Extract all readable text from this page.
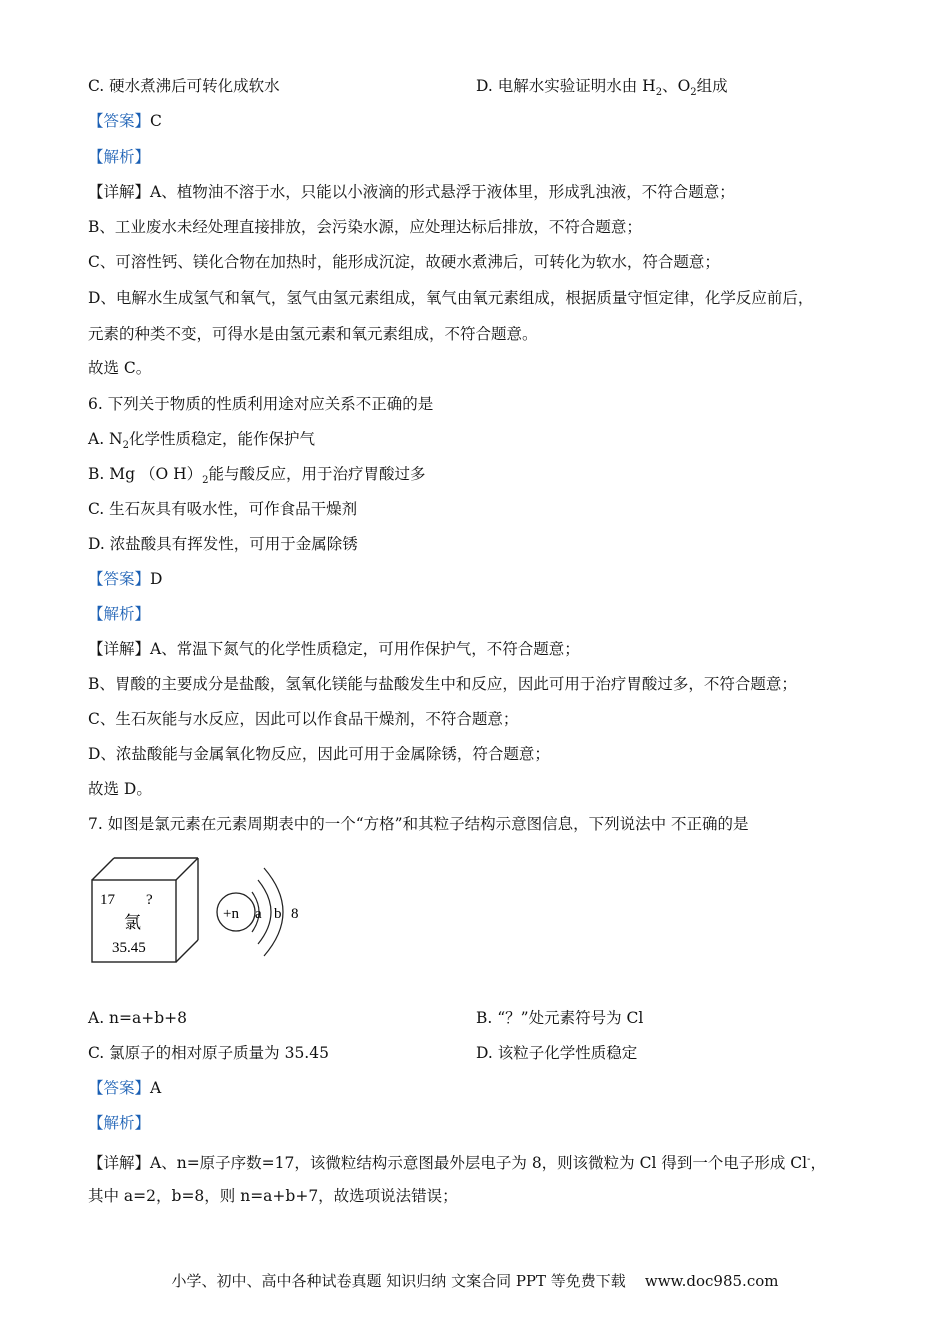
C. 硬水煮沸后可转化成软水	D. 电解水实验证明水由 $H_2$、$O_2$组成
【答案】C
【解析】
【详解】A、植物油不溶于水，只能以小液滴的形式悬浮于液体里，形成乳浊液，不符合题意；
B、工业废水未经处理直接排放，会污染水源，应处理达标后排放，不符合题意；
C、可溶性钙、镁化合物在加热时，能形成沉淀，故硬水煮沸后，可转化为软水，符合题意；
D、电解水生成氢气和氧气，氢气由氢元素组成，氧气由氧元素组成，根据质量守恒定律，化学反应前后，
元素的种类不变，可得水是由氢元素和氧元素组成，不符合题意。
故选 C。
6. 下列关于物质的性质利用途对应关系不正确的是
A. $N_2$化学性质稳定，能作保护气
B. Mg （O $H)_2$能与酸反应，用于治疗胃酸过多
C. 生石灰具有吸水性，可作食品干燥剂
D. 浓盐酸具有挥发性，可用于金属除锈
【答案】D
【解析】
【详解】A、常温下氮气的化学性质稳定，可用作保护气，不符合题意；
B、胃酸的主要成分是盐酸，氢氧化镁能与盐酸发生中和反应，因此可用于治疗胃酸过多，不符合题意；
C、生石灰能与水反应，因此可以作食品干燥剂，不符合题意；
D、浓盐酸能与金属氧化物反应，因此可用于金属除锈，符合题意；
故选 D。
7. 如图是氯元素在元素周期表中的一个“方格”和其粒子结构示意图信息，下列说法中 不正确的是
17 ?
氯
35.45
+n a b 8
A. n=a+b+8	B. “？”处元素符号为 Cl
C. 氯原子的相对原子质量为 35.45	D. 该粒子化学性质稳定
【答案】A
【解析】
【详解】A、n=原子序数=17，该微粒结构示意图最外层电子为 8，则该微粒为 Cl 得到一个电子形成 Cl-，
其中 a=2，b=8，则 n=a+b+7，故选项说法错误；
小学、初中、高中各种试卷真题 知识归纳 文案合同 PPT 等免费下载 www.doc985.com
